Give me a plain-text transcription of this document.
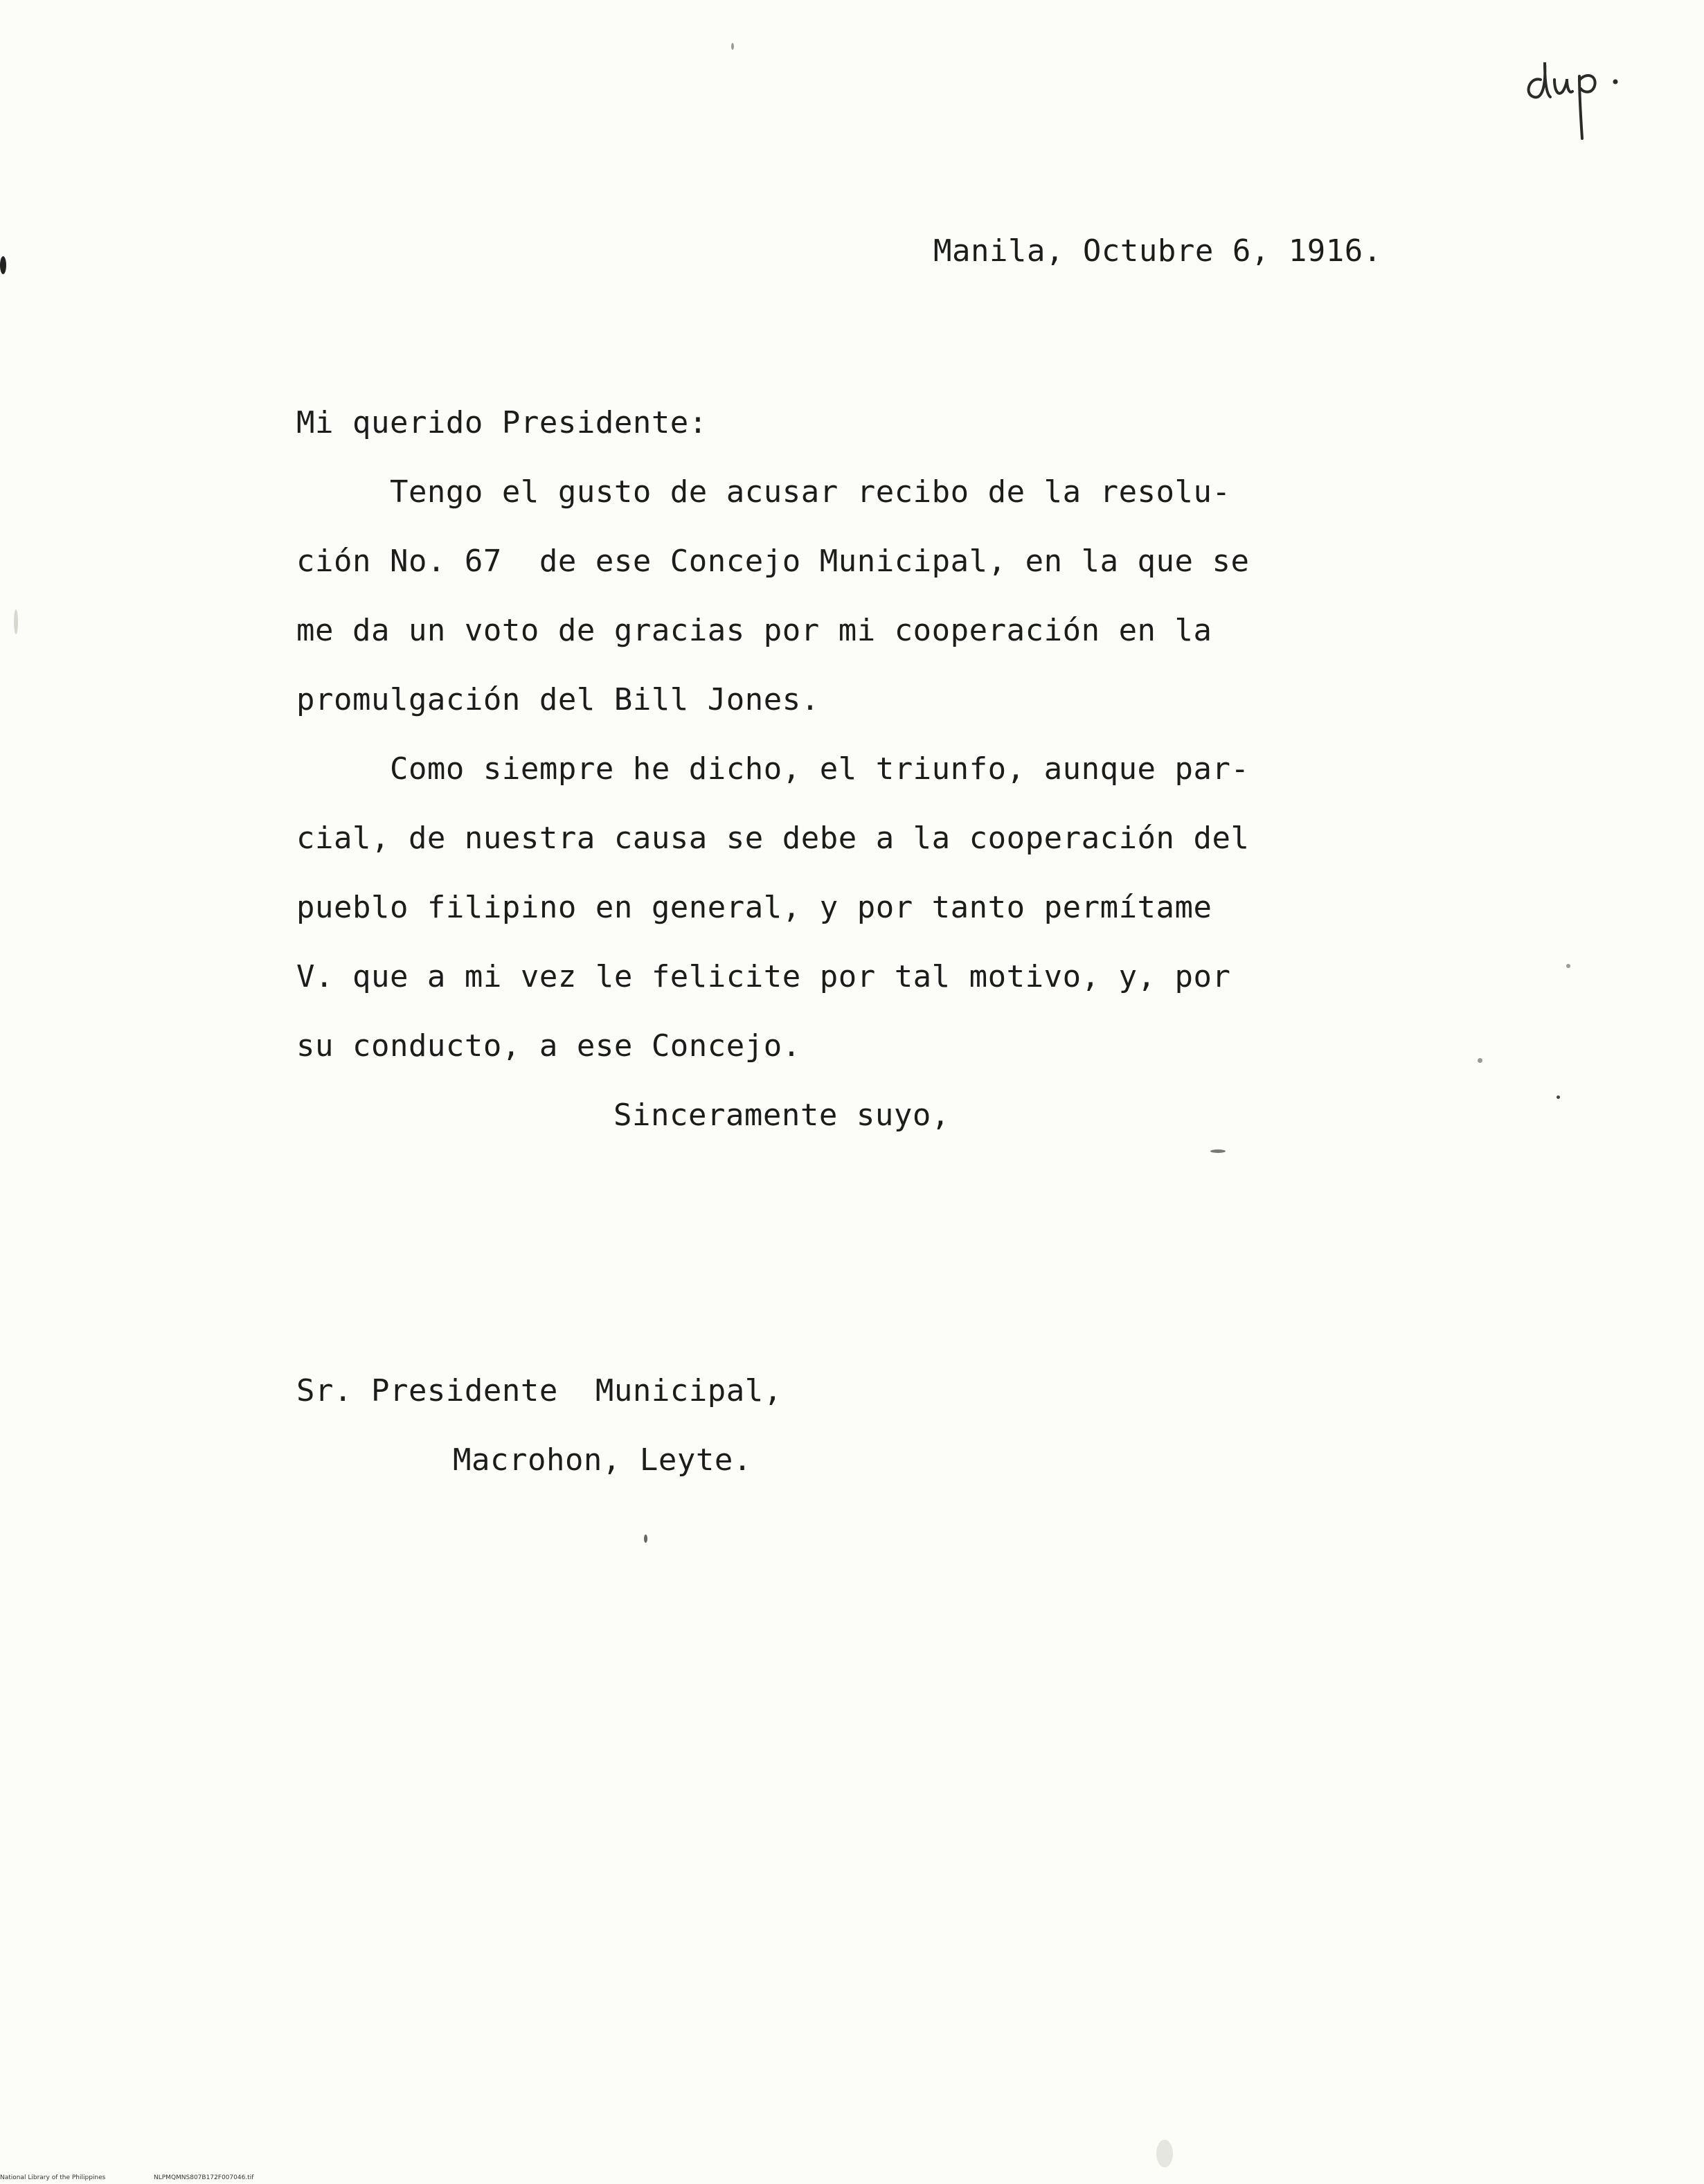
Manila, Octubre 6, 1916.
Mi querido Presidente:
Tengo el gusto de acusar recibo de la resolu-
ción No. 67  de ese Concejo Municipal, en la que se
me da un voto de gracias por mi cooperación en la
promulgación del Bill Jones.
Como siempre he dicho, el triunfo, aunque par-
cial, de nuestra causa se debe a la cooperación del
pueblo filipino en general, y por tanto permítame
V. que a mi vez le felicite por tal motivo, y, por
su conducto, a ese Concejo.
Sinceramente suyo,
Sr. Presidente  Municipal,
Macrohon, Leyte.
National Library of the Philippines	NLPMQMNS807B172F007046.tif
